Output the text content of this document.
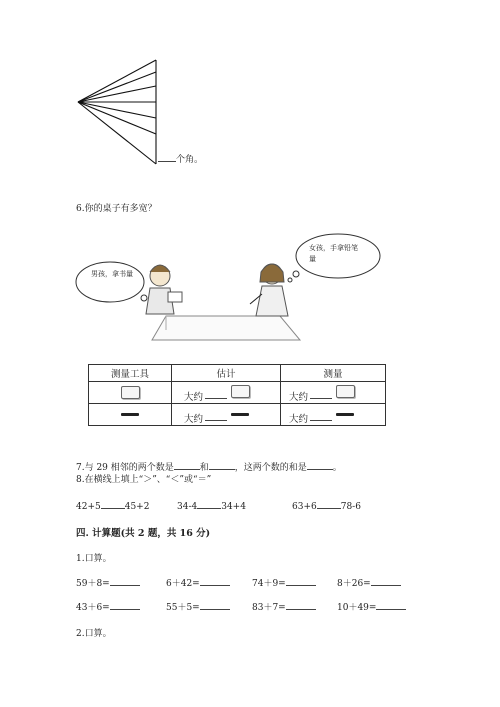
个角。
6.你的桌子有多宽？
男孩，拿书量
女孩，手拿铅笔量
测量工具	估计	测量

	大约	大约

	大约	大约
7.与 29 相邻的两个数是	和	，这两个数的和是	。
8.在横线上填上“＞”、“＜”或“＝”
42+5	45+2	34-4	34+4	63+6	78-6
四. 计算题(共 2 题，共 16 分)
1.口算。
59＋8=	6＋42=	74＋9=	8＋26=
43＋6=	55＋5=	83＋7=	10＋49=
2.口算。
